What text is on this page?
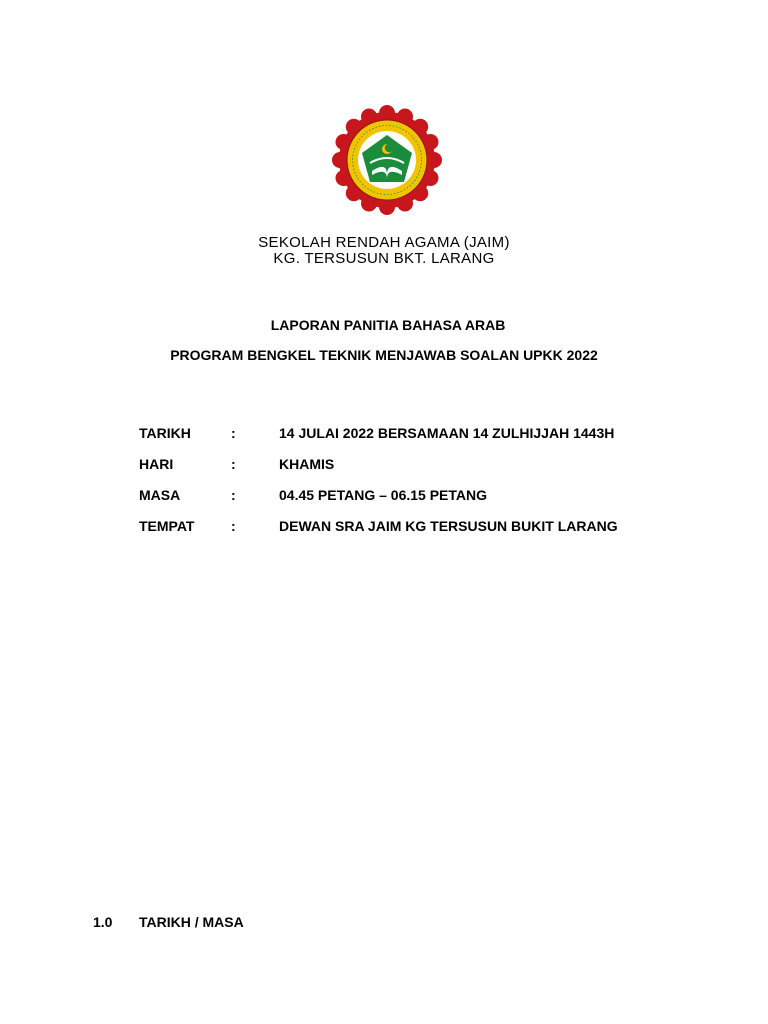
SEKOLAH RENDAH AGAMA (JAIM)
KG. TERSUSUN BKT. LARANG
LAPORAN PANITIA BAHASA ARAB
PROGRAM BENGKEL TEKNIK MENJAWAB SOALAN UPKK 2022
TARIKH	:	14 JULAI 2022 BERSAMAAN 14 ZULHIJJAH 1443H
HARI	:	KHAMIS
MASA	:	04.45 PETANG – 06.15 PETANG
TEMPAT	:	DEWAN SRA JAIM KG TERSUSUN BUKIT LARANG
1.0	TARIKH / MASA
